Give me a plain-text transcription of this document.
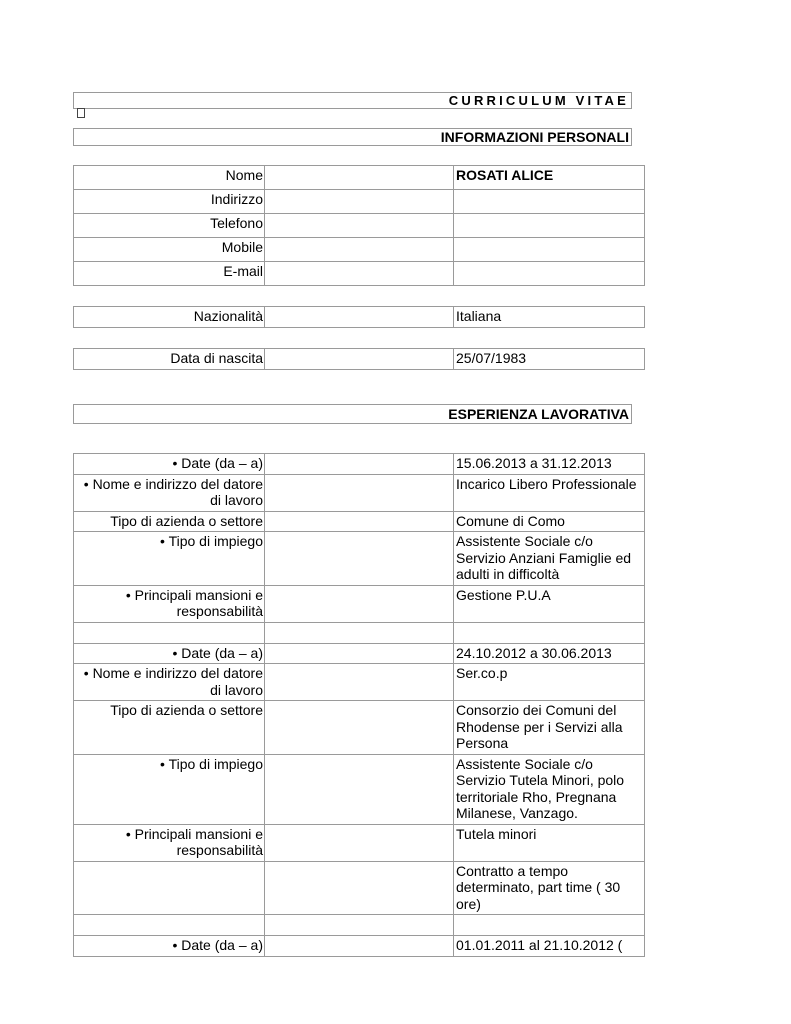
CURRICULUM VITAE
INFORMAZIONI PERSONALI
Nome		ROSATI ALICE
Indirizzo		
Telefono		
Mobile		
E-mail		
Nazionalità		Italiana
Data di nascita		25/07/1983
ESPERIENZA LAVORATIVA
• Date (da – a)		15.06.2013 a 31.12.2013
• Nome e indirizzo del datore di lavoro		Incarico Libero Professionale
Tipo di azienda o settore		Comune di Como
• Tipo di impiego		Assistente Sociale c/o Servizio Anziani Famiglie ed adulti in difficoltà
• Principali mansioni e responsabilità		Gestione P.U.A

• Date (da – a)		24.10.2012 a 30.06.2013
• Nome e indirizzo del datore di lavoro		Ser.co.p
Tipo di azienda o settore		Consorzio dei Comuni del Rhodense per i Servizi alla Persona
• Tipo di impiego		Assistente Sociale c/o Servizio Tutela Minori, polo territoriale Rho, Pregnana Milanese, Vanzago.
• Principali mansioni e responsabilità		Tutela minori
		Contratto a tempo determinato, part time ( 30 ore)

• Date (da – a)		01.01.2011 al 21.10.2012 (
